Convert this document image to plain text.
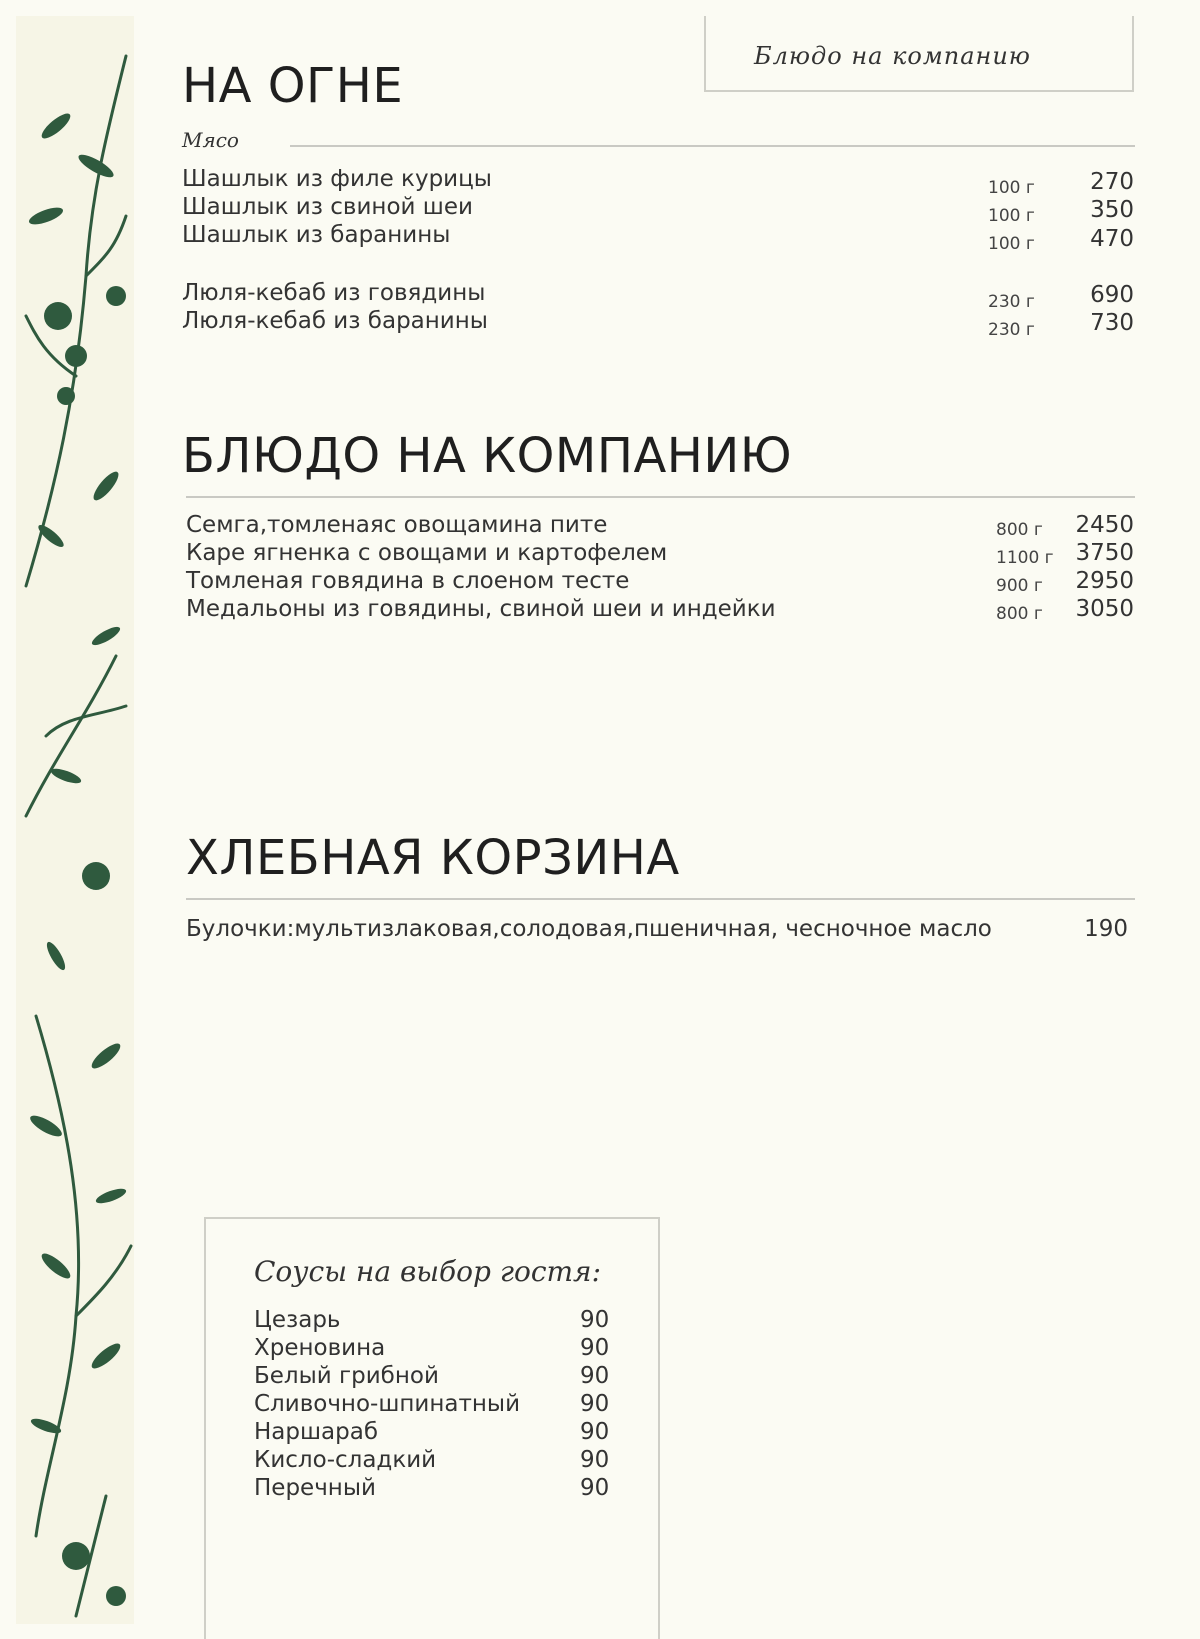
Блюдо на компанию
НА ОГНЕ
Мясо
Шашлык из филе курицы	100 г	270
Шашлык из свиной шеи	100 г	350
Шашлык из баранины	100 г	470
Люля-кебаб из говядины	230 г	690
Люля-кебаб из баранины	230 г	730
БЛЮДО НА КОМПАНИЮ
Семга,томленаяс овощамина пите	800 г	2450
Каре ягненка с овощами и картофелем	1100 г 3750
Томленая говядина в слоеном тесте	900 г	2950
Медальоны из говядины, свиной шеи и индейки	800 г	3050
ХЛЕБНАЯ КОРЗИНА
Булочки:мультизлаковая,солодовая,пшеничная, чесночное масло	190
Соусы на выбор гостя:
Цезарь	90
Хреновина	90
Белый грибной	90
Сливочно-шпинатный	90
Наршараб	90
Кисло-сладкий	90
Перечный	90
